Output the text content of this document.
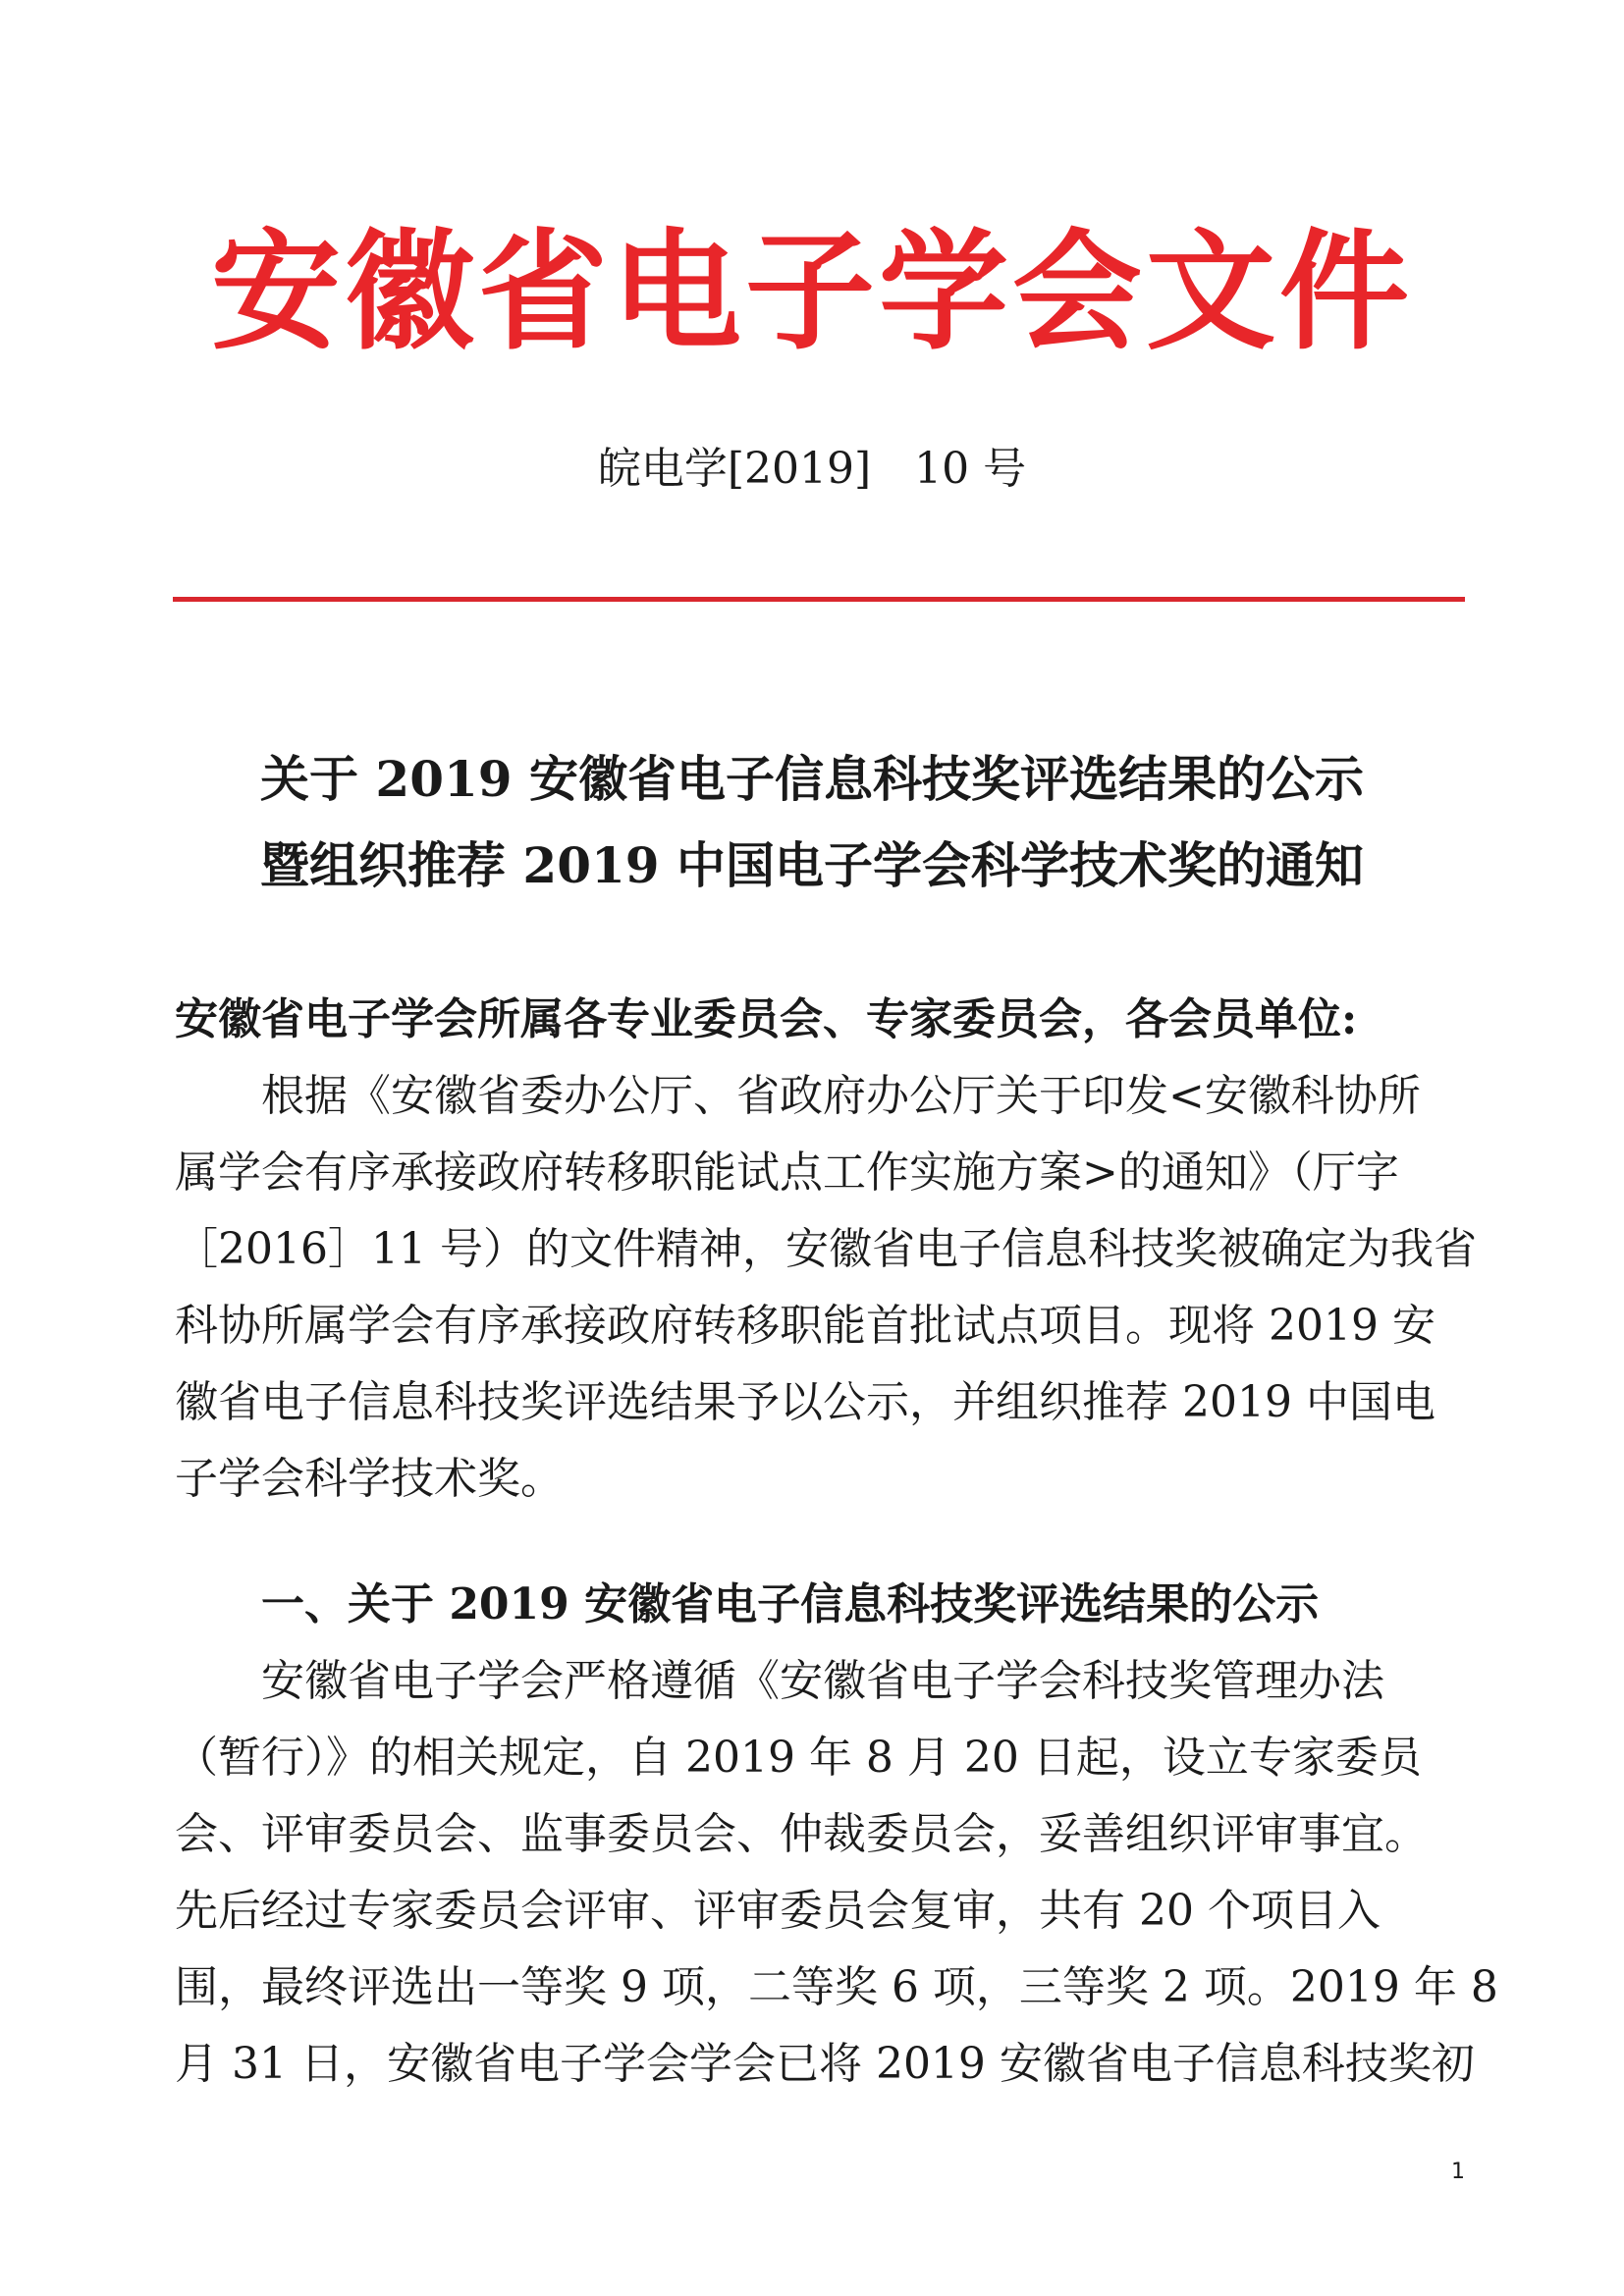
安徽省电子学会文件
皖电学[2019]　10 号
关于 2019 安徽省电子信息科技奖评选结果的公示
暨组织推荐 2019 中国电子学会科学技术奖的通知
安徽省电子学会所属各专业委员会、专家委员会，各会员单位:
根据《安徽省委办公厅、省政府办公厅关于印发<安徽科协所
属学会有序承接政府转移职能试点工作实施方案>的通知》（厅字
［2016］11 号）的文件精神，安徽省电子信息科技奖被确定为我省
科协所属学会有序承接政府转移职能首批试点项目。现将 2019 安
徽省电子信息科技奖评选结果予以公示，并组织推荐 2019 中国电
子学会科学技术奖。
一、关于 2019 安徽省电子信息科技奖评选结果的公示
安徽省电子学会严格遵循《安徽省电子学会科技奖管理办法
（暂行）》的相关规定，自 2019 年 8 月 20 日起，设立专家委员
会、评审委员会、监事委员会、仲裁委员会，妥善组织评审事宜。
先后经过专家委员会评审、评审委员会复审，共有 20 个项目入
围，最终评选出一等奖 9 项，二等奖 6 项，三等奖 2 项。2019 年 8
月 31 日，安徽省电子学会学会已将 2019 安徽省电子信息科技奖初
1
